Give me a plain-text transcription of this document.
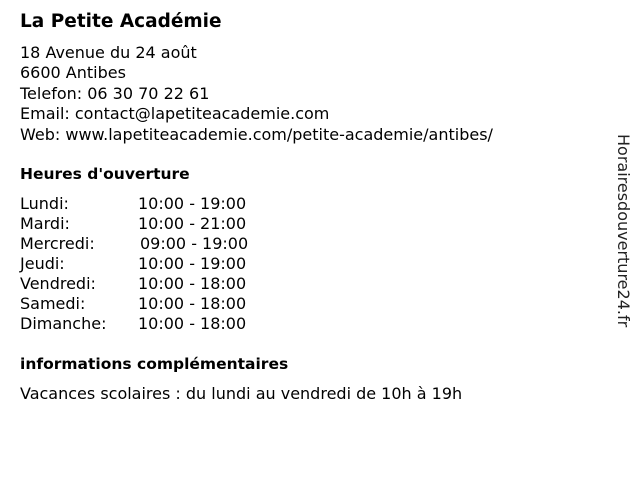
La Petite Académie
18 Avenue du 24 août
6600 Antibes
Telefon: 06 30 70 22 61
Email: contact@lapetiteacademie.com
Web: www.lapetiteacademie.com/petite-academie/antibes/
Heures d'ouverture
Lundi:	10:00 - 19:00
Mardi:	10:00 - 21:00
Mercredi:	09:00 - 19:00
Jeudi:	10:00 - 19:00
Vendredi:	10:00 - 18:00
Samedi:	10:00 - 18:00
Dimanche: 10:00 - 18:00
informations complémentaires
Vacances scolaires : du lundi au vendredi de 10h à 19h
Horairesdouverture24.fr
